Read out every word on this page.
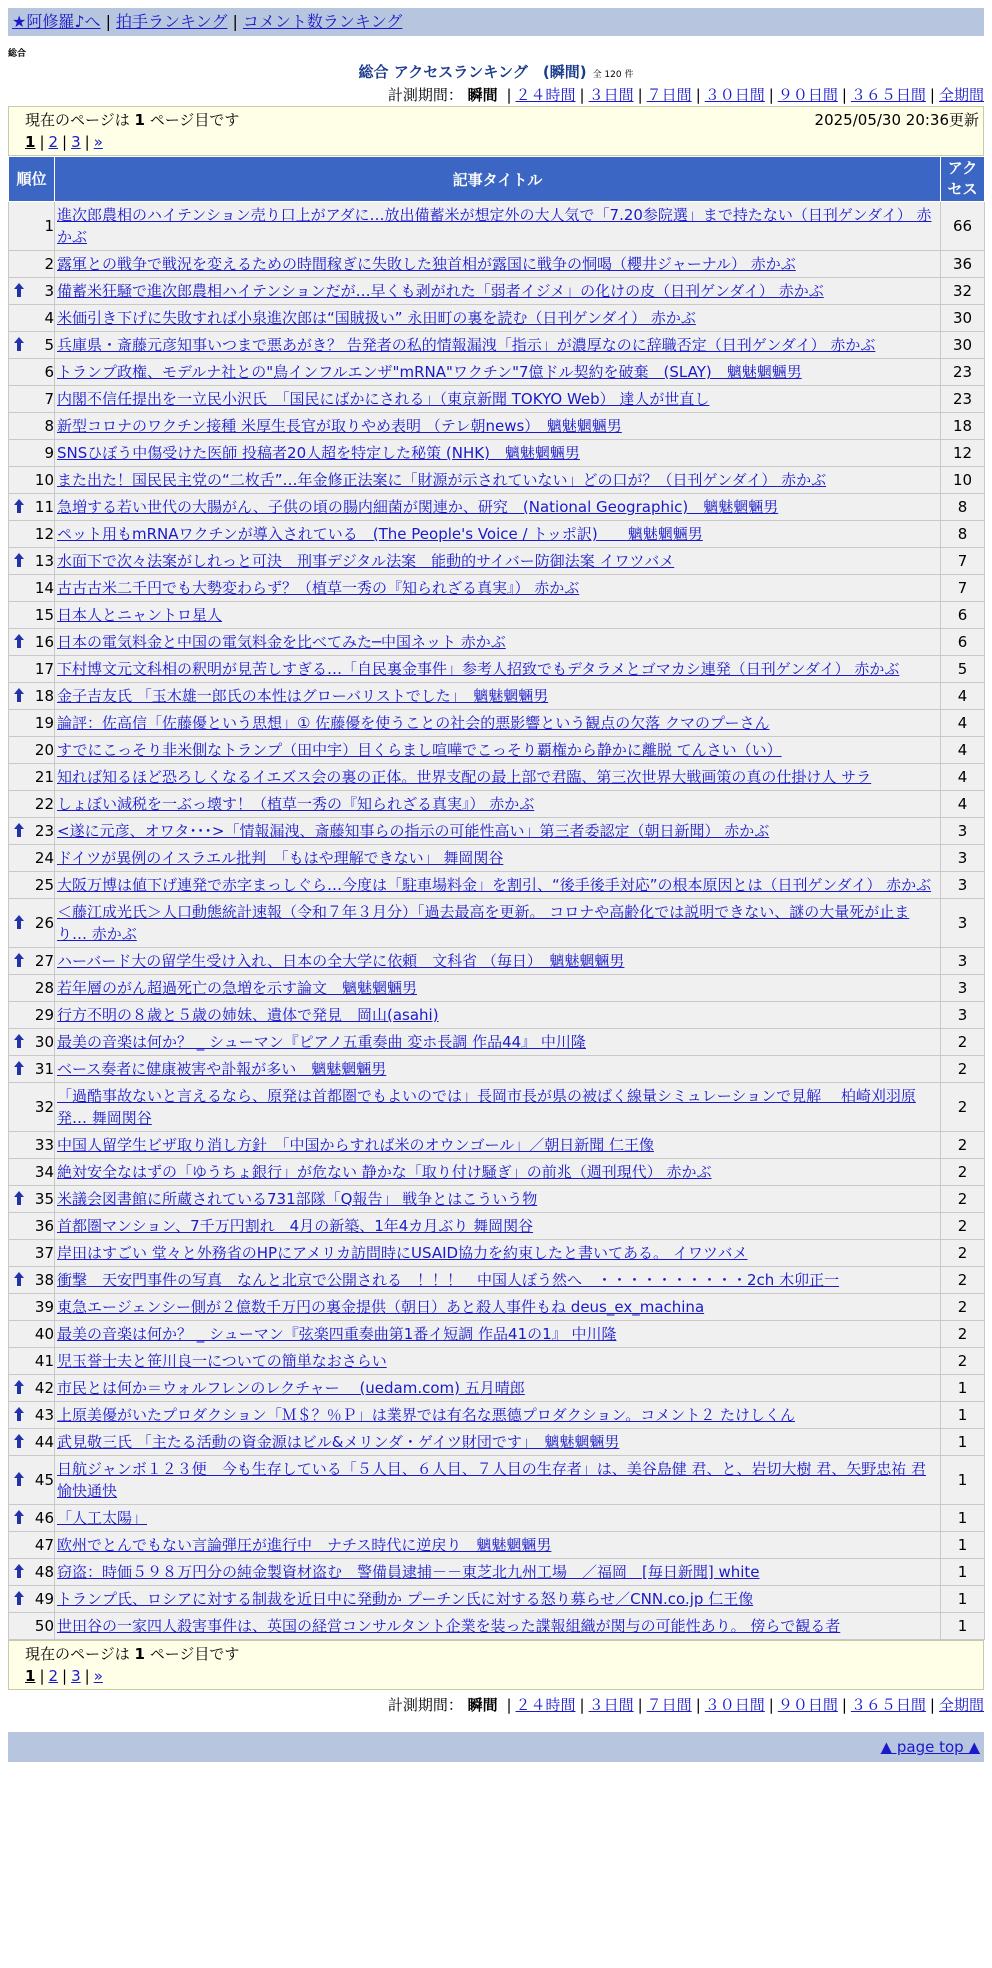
★阿修羅♪へ | 拍手ランキング | コメント数ランキング
総合
総合 アクセスランキング　(瞬間) 全 120 件
計測期間： 瞬間 | ２４時間 | ３日間 | ７日間 | ３０日間 | ９０日間 | ３６５日間 | 全期間
現在のページは 1 ページ目です	2025/05/30 20:36更新
1 | 2 | 3 | »
順位	記事タイトル	アクセス
1	進次郎農相のハイテンション売り口上がアダに…放出備蓄米が想定外の大人気で「7.20参院選」まで持たない（日刊ゲンダイ） 赤かぶ	66
2	露軍との戦争で戦況を変えるための時間稼ぎに失敗した独首相が露国に戦争の恫喝（櫻井ジャーナル） 赤かぶ	36

3	備蓄米狂騒で進次郎農相ハイテンションだが…早くも剥がれた「弱者イジメ」の化けの皮（日刊ゲンダイ） 赤かぶ	32
4	米価引き下げに失敗すれば小泉進次郎は“国賊扱い” 永田町の裏を読む（日刊ゲンダイ） 赤かぶ	30

5	兵庫県・斎藤元彦知事いつまで悪あがき？ 告発者の私的情報漏洩「指示」が濃厚なのに辞職否定（日刊ゲンダイ） 赤かぶ	30
6	トランプ政権、モデルナ社との"鳥インフルエンザ"mRNA"ワクチン"7億ドル契約を破棄　(SLAY)　魑魅魍魎男	23
7	内閣不信任提出を一立民小沢氏　「国民にばかにされる」（東京新聞 TOKYO Web） 達人が世直し	23
8	新型コロナのワクチン接種 米厚生長官が取りやめ表明 （テレ朝news）　魑魅魍魎男	18
9	SNSひぼう中傷受けた医師 投稿者20人超を特定した秘策 (NHK)　魑魅魍魎男	12
10	また出た！国民民主党の“二枚舌”…年金修正法案に「財源が示されていない」どの口が？（日刊ゲンダイ） 赤かぶ	10

11	急増する若い世代の大腸がん、子供の頃の腸内細菌が関連か、研究　(National Geographic)　魑魅魍魎男	8
12	ペット用もmRNAワクチンが導入されている　(The People's Voice / トッポ訳)　　魑魅魍魎男	8

13	水面下で次々法案がしれっと可決　刑事デジタル法案　能動的サイバー防御法案 イワツバメ	7
14	古古古米二千円でも大勢変わらず？（植草一秀の『知られざる真実』） 赤かぶ	7
15	日本人とニャントロ星人	6

16	日本の電気料金と中国の電気料金を比べてみた─中国ネット 赤かぶ	6
17	下村博文元文科相の釈明が見苦しすぎる…「自民裏金事件」参考人招致でもデタラメとゴマカシ連発（日刊ゲンダイ） 赤かぶ	5

18	金子吉友氏 「玉木雄一郎氏の本性はグローバリストでした」　魑魅魍魎男	4
19	論評：佐高信「佐藤優という思想」① 佐藤優を使うことの社会的悪影響という観点の欠落 クマのプーさん	4
20	すでにこっそり非米側なトランプ（田中宇）目くらまし喧嘩でこっそり覇権から静かに離脱 てんさい（い）	4
21	知れば知るほど恐ろしくなるイエズス会の裏の正体。世界支配の最上部で君臨、第三次世界大戦画策の真の仕掛け人 サラ	4
22	しょぼい減税を一ぶっ壊す！（植草一秀の『知られざる真実』） 赤かぶ	4

23	<遂に元彦、オワタ･･･>「情報漏洩、斎藤知事らの指示の可能性高い」第三者委認定（朝日新聞） 赤かぶ	3
24	ドイツが異例のイスラエル批判　「もはや理解できない」 舞岡関谷	3
25	大阪万博は値下げ連発で赤字まっしぐら…今度は「駐車場料金」を割引、“後手後手対応”の根本原因とは（日刊ゲンダイ） 赤かぶ	3

26	＜藤江成光氏＞人口動態統計速報（令和７年３月分）「過去最高を更新。 コロナや高齢化では説明できない、謎の大量死が止まり… 赤かぶ	3

27	ハーバード大の留学生受け入れ、日本の全大学に依頼　文科省 （毎日）　魑魅魍魎男	3
28	若年層のがん超過死亡の急増を示す論文　魑魅魍魎男	3
29	行方不明の８歳と５歳の姉妹、遺体で発見　岡山(asahi)	3

30	最美の音楽は何か？ _ シューマン『ピアノ五重奏曲 変ホ長調 作品44』 中川隆	2

31	ベース奏者に健康被害や訃報が多い　魑魅魍魎男	2
32	「過酷事故ないと言えるなら、原発は首都圏でもよいのでは」長岡市長が県の被ばく線量シミュレーションで見解　 柏崎刈羽原発… 舞岡関谷	2
33	中国人留学生ビザ取り消し方針　「中国からすれば米のオウンゴール」／朝日新聞 仁王像	2
34	絶対安全なはずの「ゆうちょ銀行」が危ない 静かな「取り付け騒ぎ」の前兆（週刊現代） 赤かぶ	2

35	米議会図書館に所蔵されている731部隊「Q報告」 戦争とはこういう物	2
36	首都圏マンション、7千万円割れ　4月の新築、1年4カ月ぶり 舞岡関谷	2
37	岸田はすごい 堂々と外務省のHPにアメリカ訪問時にUSAID協力を約束したと書いてある。 イワツバメ	2

38	衝撃　天安門事件の写真　なんと北京で公開される　！！！　中国人ぼう然へ　・・・・・・・・・・2ch 木卯正一	2
39	東急エージェンシー側が２億数千万円の裏金提供（朝日）あと殺人事件もね deus_ex_machina	2
40	最美の音楽は何か？ _ シューマン『弦楽四重奏曲第1番イ短調 作品41の1』 中川隆	2
41	児玉誉士夫と笹川良一についての簡単なおさらい	2

42	市民とは何か＝ウォルフレンのレクチャー　 (uedam.com) 五月晴郎	1

43	上原美優がいたプロダクション「Ｍ＄？％Ｐ」は業界では有名な悪德プロダクション。コメント２ たけしくん	1

44	武見敬三氏 「主たる活動の資金源はビル&メリンダ・ゲイツ財団です」　魑魅魍魎男	1

45	日航ジャンボ１２３便　今も生存している「５人目、６人目、７人目の生存者」は、美谷島健 君、と、岩切大樹 君、矢野忠祐 君 愉快通快	1

46	「人工太陽」	1
47	欧州でとんでもない言論弾圧が進行中　ナチス時代に逆戻り　魑魅魍魎男	1

48	窃盗：時価５９８万円分の純金製資材盗む　警備員逮捕－－東芝北九州工場　／福岡　[毎日新聞] white	1

49	トランプ氏、ロシアに対する制裁を近日中に発動か プーチン氏に対する怒り募らせ／CNN.co.jp 仁王像	1
50	世田谷の一家四人殺害事件は、英国の経営コンサルタント企業を装った諜報組織が関与の可能性あり。 傍らで観る者	1
現在のページは 1 ページ目です
1 | 2 | 3 | »
計測期間： 瞬間 | ２４時間 | ３日間 | ７日間 | ３０日間 | ９０日間 | ３６５日間 | 全期間
▲ page top ▲
